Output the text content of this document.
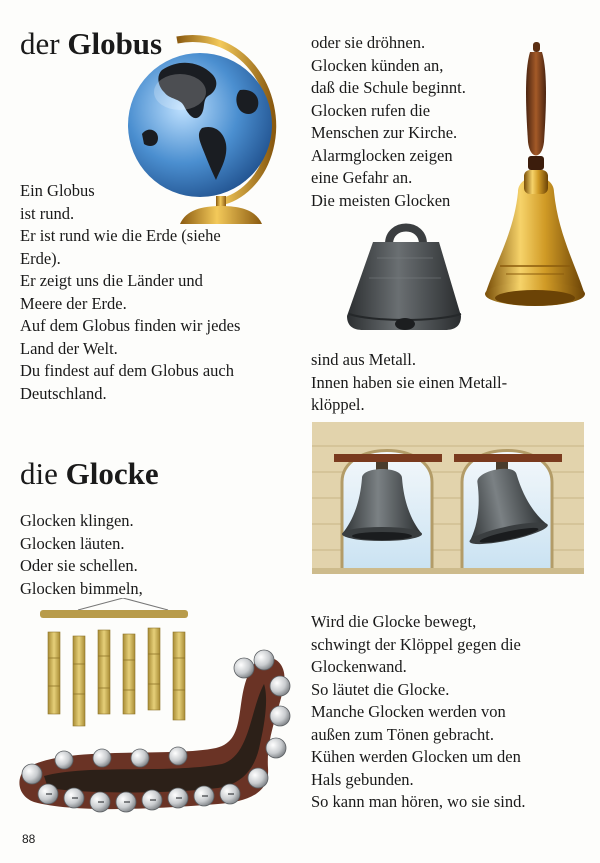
der Globus
Ein Globus
ist rund.
Er ist rund wie die Erde (siehe
Erde).
Er zeigt uns die Länder und
Meere der Erde.
Auf dem Globus finden wir jedes
Land der Welt.
Du findest auf dem Globus auch
Deutschland.
die Glocke
Glocken klingen.
Glocken läuten.
Oder sie schellen.
Glocken bimmeln,
oder sie dröhnen.
Glocken künden an,
daß die Schule beginnt.
Glocken rufen die
Menschen zur Kirche.
Alarmglocken zeigen
eine Gefahr an.
Die meisten Glocken
sind aus Metall.
Innen haben sie einen Metall-
klöppel.
Wird die Glocke bewegt,
schwingt der Klöppel gegen die
Glockenwand.
So läutet die Glocke.
Manche Glocken werden von
außen zum Tönen gebracht.
Kühen werden Glocken um den
Hals gebunden.
So kann man hören, wo sie sind.
88
